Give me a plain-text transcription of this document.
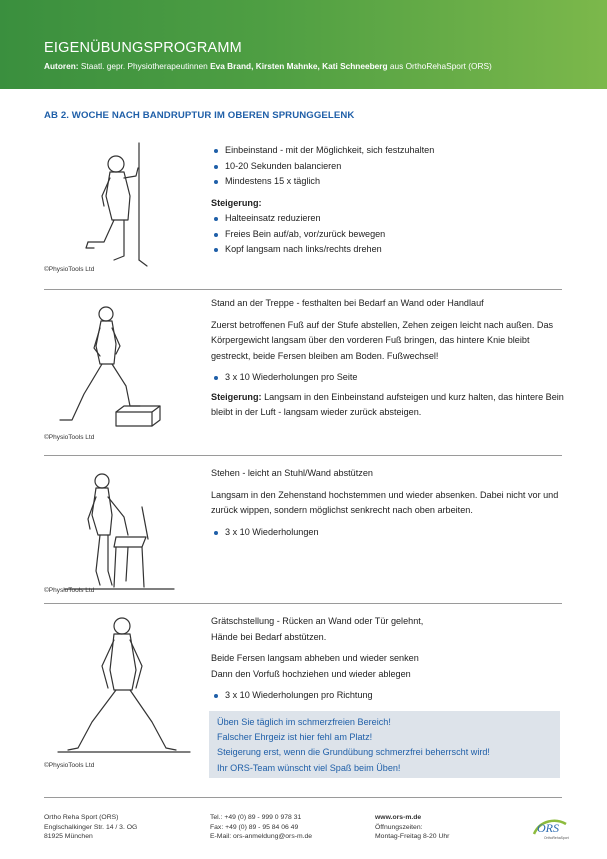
EIGENÜBUNGSPROGRAMM
Autoren: Staatl. gepr. Physiotherapeutinnen Eva Brand, Kirsten Mahnke, Kati Schneeberg aus OrthoRehaSport (ORS)
AB 2. WOCHE NACH BANDRUPTUR IM OBEREN SPRUNGGELENK
©PhysioTools Ltd
Einbeinstand - mit der Möglichkeit, sich festzuhalten
10-20 Sekunden balancieren
Mindestens 15 x täglich

Steigerung:

Halteeinsatz reduzieren
Freies Bein auf/ab, vor/zurück bewegen
Kopf langsam nach links/rechts drehen
©PhysioTools Ltd

Stand an der Treppe - festhalten bei Bedarf an Wand oder Handlauf

Zuerst betroffenen Fuß auf der Stufe abstellen, Zehen zeigen leicht nach außen. Das Körpergewicht langsam über den vorderen Fuß bringen, das hintere Knie bleibt gestreckt, beide Fersen bleiben am Boden. Fußwechsel!

3 x 10 Wiederholungen pro Seite

Steigerung: Langsam in den Einbeinstand aufsteigen und kurz halten, das hintere Bein bleibt in der Luft - langsam wieder zurück absteigen.

©PhysioTools Ltd

Stehen - leicht an Stuhl/Wand abstützen

Langsam in den Zehenstand hochstemmen und wieder absenken. Dabei nicht vor und zurück wippen, sondern möglichst senkrecht nach oben arbeiten.

3 x 10 Wiederholungen
©PhysioTools Ltd

Grätschstellung - Rücken an Wand oder Tür gelehnt,

Hände bei Bedarf abstützen.

Beide Fersen langsam abheben und wieder senken

Dann den Vorfuß hochziehen und wieder ablegen

3 x 10 Wiederholungen pro Richtung

Üben Sie täglich im schmerzfreien Bereich!

Falscher Ehrgeiz ist hier fehl am Platz!

Steigerung erst, wenn die Grundübung schmerzfrei beherrscht wird!

Ihr ORS-Team wünscht viel Spaß beim Üben!

Ortho Reha Sport (ORS)
Englschalkinger Str. 14 / 3. OG
81925 München
Tel.: +49 (0) 89 - 999 0 978 31
Fax: +49 (0) 89 - 95 84 06 49
E-Mail: ors-anmeldung@ors-m.de
www.ors-m.de
Öffnungszeiten:
Montag-Freitag 8-20 Uhr
ORS
OrthoRehaSport
